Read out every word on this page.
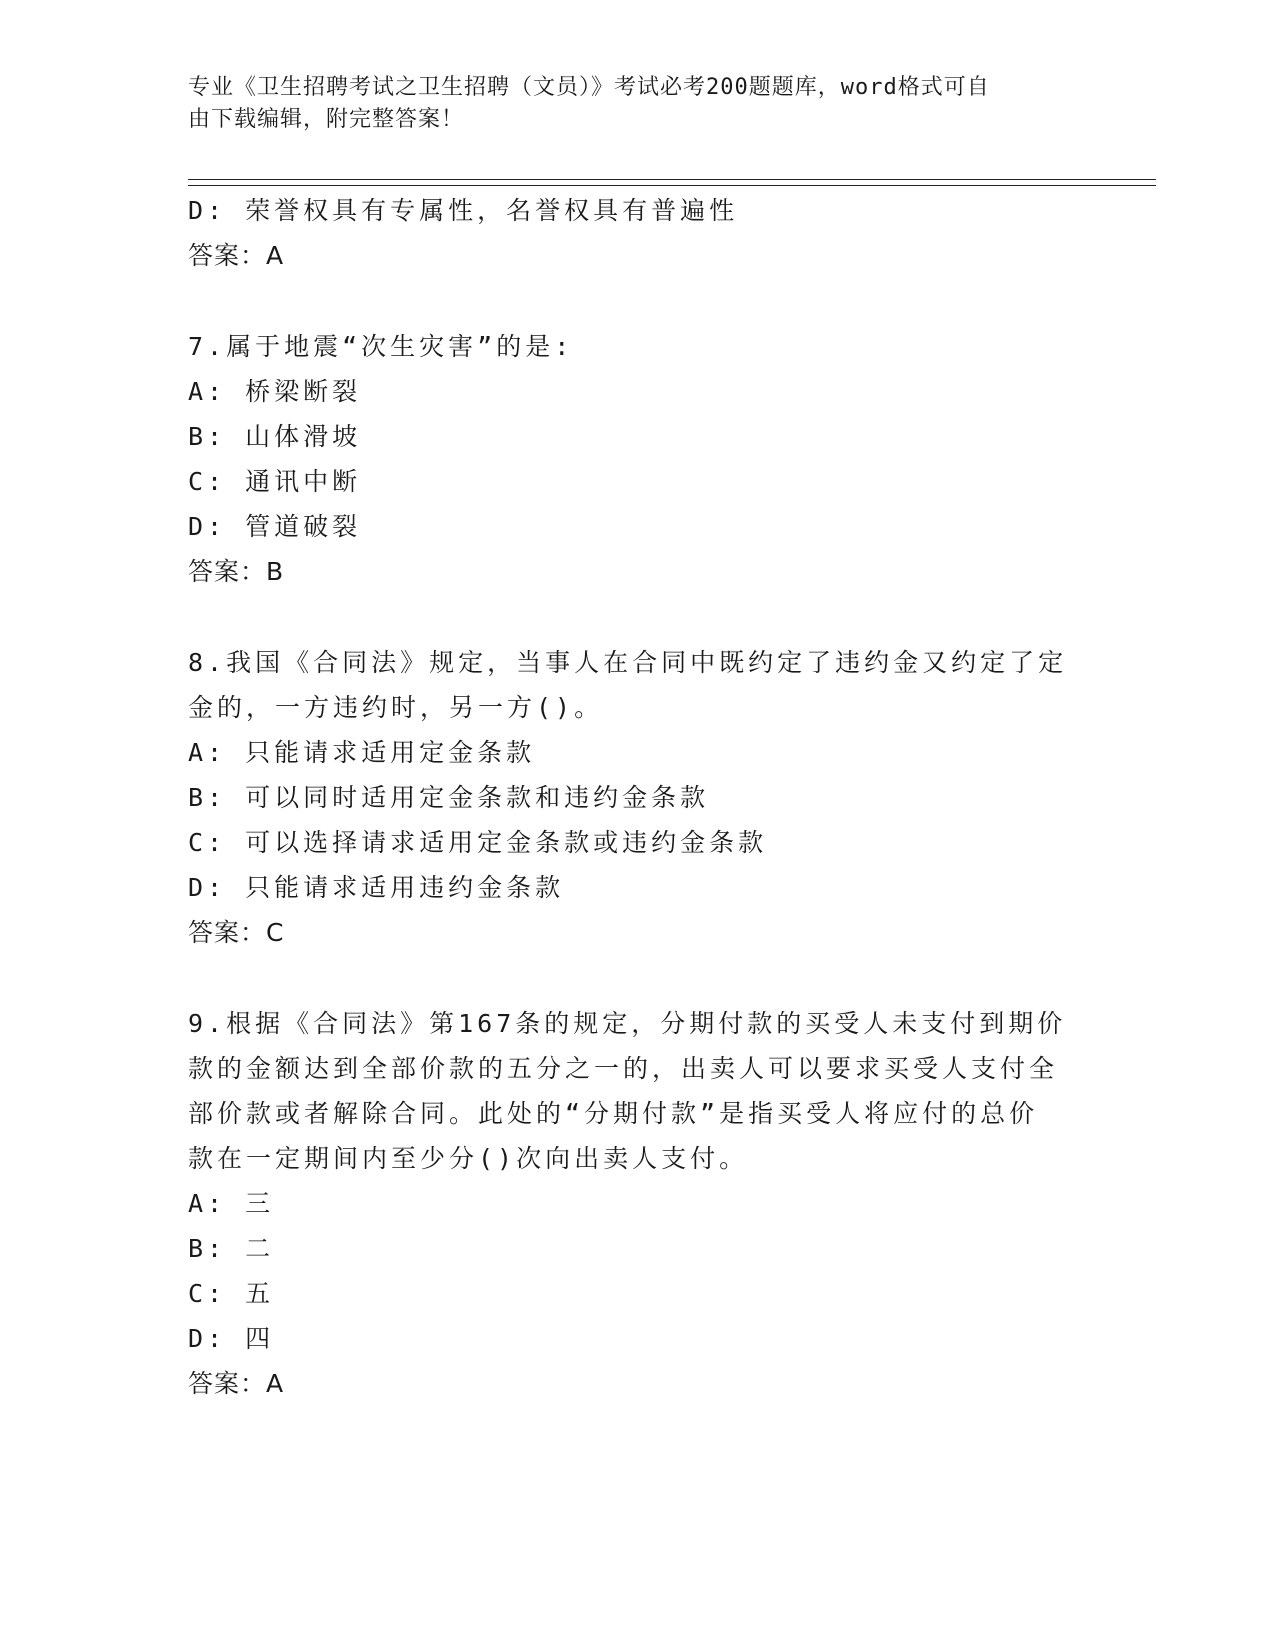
专业《卫生招聘考试之卫生招聘（文员）》考试必考200题题库，word格式可自
由下载编辑，附完整答案！
D: 荣誉权具有专属性，名誉权具有普遍性
答案：A
7.属于地震“次生灾害”的是:
A: 桥梁断裂
B: 山体滑坡
C: 通讯中断
D: 管道破裂
答案：B
8.我国《合同法》规定，当事人在合同中既约定了违约金又约定了定
金的，一方违约时，另一方()。
A: 只能请求适用定金条款
B: 可以同时适用定金条款和违约金条款
C: 可以选择请求适用定金条款或违约金条款
D: 只能请求适用违约金条款
答案：C
9.根据《合同法》第167条的规定，分期付款的买受人未支付到期价
款的金额达到全部价款的五分之一的，出卖人可以要求买受人支付全
部价款或者解除合同。此处的“分期付款”是指买受人将应付的总价
款在一定期间内至少分()次向出卖人支付。
A: 三
B: 二
C: 五
D: 四
答案：A
